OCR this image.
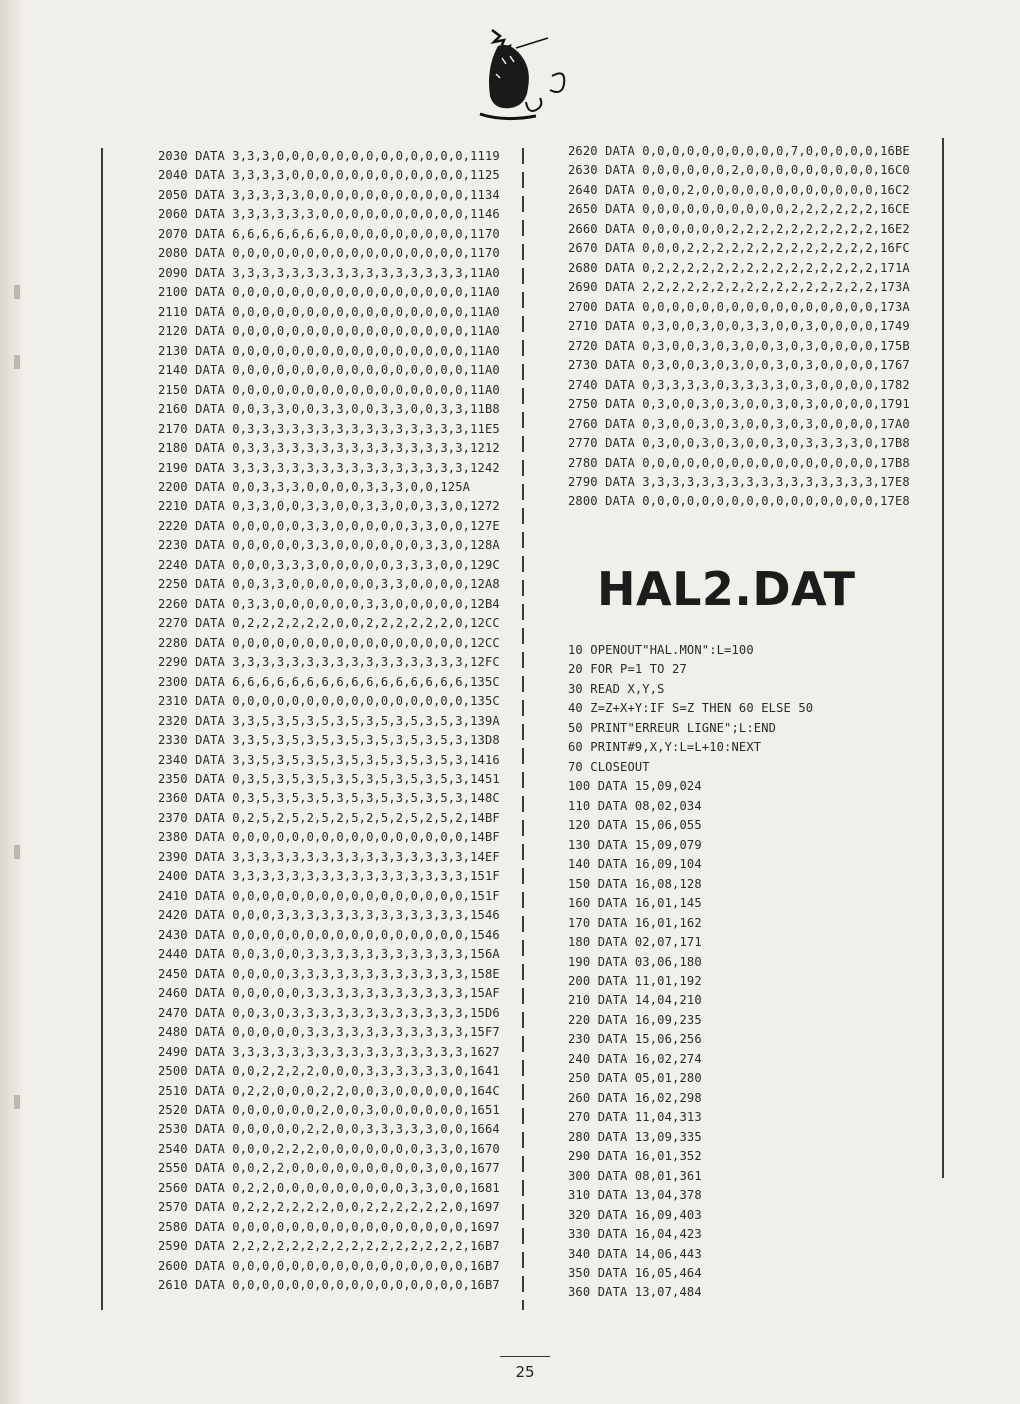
2030 DATA 3,3,3,0,0,0,0,0,0,0,0,0,0,0,0,0,1119
2040 DATA 3,3,3,3,0,0,0,0,0,0,0,0,0,0,0,0,1125
2050 DATA 3,3,3,3,3,0,0,0,0,0,0,0,0,0,0,0,1134
2060 DATA 3,3,3,3,3,3,0,0,0,0,0,0,0,0,0,0,1146
2070 DATA 6,6,6,6,6,6,6,0,0,0,0,0,0,0,0,0,1170
2080 DATA 0,0,0,0,0,0,0,0,0,0,0,0,0,0,0,0,1170
2090 DATA 3,3,3,3,3,3,3,3,3,3,3,3,3,3,3,3,11A0
2100 DATA 0,0,0,0,0,0,0,0,0,0,0,0,0,0,0,0,11A0
2110 DATA 0,0,0,0,0,0,0,0,0,0,0,0,0,0,0,0,11A0
2120 DATA 0,0,0,0,0,0,0,0,0,0,0,0,0,0,0,0,11A0
2130 DATA 0,0,0,0,0,0,0,0,0,0,0,0,0,0,0,0,11A0
2140 DATA 0,0,0,0,0,0,0,0,0,0,0,0,0,0,0,0,11A0
2150 DATA 0,0,0,0,0,0,0,0,0,0,0,0,0,0,0,0,11A0
2160 DATA 0,0,3,3,0,0,3,3,0,0,3,3,0,0,3,3,11B8
2170 DATA 0,3,3,3,3,3,3,3,3,3,3,3,3,3,3,3,11E5
2180 DATA 0,3,3,3,3,3,3,3,3,3,3,3,3,3,3,3,1212
2190 DATA 3,3,3,3,3,3,3,3,3,3,3,3,3,3,3,3,1242
2200 DATA 0,0,3,3,3,0,0,0,0,3,3,3,0,0,125A
2210 DATA 0,3,3,0,0,3,3,0,0,3,3,0,0,3,3,0,1272
2220 DATA 0,0,0,0,0,3,3,0,0,0,0,0,3,3,0,0,127E
2230 DATA 0,0,0,0,0,3,3,0,0,0,0,0,0,3,3,0,128A
2240 DATA 0,0,0,3,3,3,0,0,0,0,0,3,3,3,0,0,129C
2250 DATA 0,0,3,3,0,0,0,0,0,0,3,3,0,0,0,0,12A8
2260 DATA 0,3,3,0,0,0,0,0,0,3,3,0,0,0,0,0,12B4
2270 DATA 0,2,2,2,2,2,2,0,0,2,2,2,2,2,2,0,12CC
2280 DATA 0,0,0,0,0,0,0,0,0,0,0,0,0,0,0,0,12CC
2290 DATA 3,3,3,3,3,3,3,3,3,3,3,3,3,3,3,3,12FC
2300 DATA 6,6,6,6,6,6,6,6,6,6,6,6,6,6,6,6,135C
2310 DATA 0,0,0,0,0,0,0,0,0,0,0,0,0,0,0,0,135C
2320 DATA 3,3,5,3,5,3,5,3,5,3,5,3,5,3,5,3,139A
2330 DATA 3,3,5,3,5,3,5,3,5,3,5,3,5,3,5,3,13D8
2340 DATA 3,3,5,3,5,3,5,3,5,3,5,3,5,3,5,3,1416
2350 DATA 0,3,5,3,5,3,5,3,5,3,5,3,5,3,5,3,1451
2360 DATA 0,3,5,3,5,3,5,3,5,3,5,3,5,3,5,3,148C
2370 DATA 0,2,5,2,5,2,5,2,5,2,5,2,5,2,5,2,14BF
2380 DATA 0,0,0,0,0,0,0,0,0,0,0,0,0,0,0,0,14BF
2390 DATA 3,3,3,3,3,3,3,3,3,3,3,3,3,3,3,3,14EF
2400 DATA 3,3,3,3,3,3,3,3,3,3,3,3,3,3,3,3,151F
2410 DATA 0,0,0,0,0,0,0,0,0,0,0,0,0,0,0,0,151F
2420 DATA 0,0,0,3,3,3,3,3,3,3,3,3,3,3,3,3,1546
2430 DATA 0,0,0,0,0,0,0,0,0,0,0,0,0,0,0,0,1546
2440 DATA 0,0,3,0,0,3,3,3,3,3,3,3,3,3,3,3,156A
2450 DATA 0,0,0,0,3,3,3,3,3,3,3,3,3,3,3,3,158E
2460 DATA 0,0,0,0,0,3,3,3,3,3,3,3,3,3,3,3,15AF
2470 DATA 0,0,3,0,3,3,3,3,3,3,3,3,3,3,3,3,15D6
2480 DATA 0,0,0,0,0,3,3,3,3,3,3,3,3,3,3,3,15F7
2490 DATA 3,3,3,3,3,3,3,3,3,3,3,3,3,3,3,3,1627
2500 DATA 0,0,2,2,2,2,0,0,0,3,3,3,3,3,3,0,1641
2510 DATA 0,2,2,0,0,0,2,2,0,0,3,0,0,0,0,0,164C
2520 DATA 0,0,0,0,0,0,2,0,0,3,0,0,0,0,0,0,1651
2530 DATA 0,0,0,0,0,2,2,0,0,3,3,3,3,3,0,0,1664
2540 DATA 0,0,0,2,2,2,0,0,0,0,0,0,0,3,3,0,1670
2550 DATA 0,0,2,2,0,0,0,0,0,0,0,0,0,3,0,0,1677
2560 DATA 0,2,2,0,0,0,0,0,0,0,0,0,3,3,0,0,1681
2570 DATA 0,2,2,2,2,2,2,0,0,2,2,2,2,2,2,0,1697
2580 DATA 0,0,0,0,0,0,0,0,0,0,0,0,0,0,0,0,1697
2590 DATA 2,2,2,2,2,2,2,2,2,2,2,2,2,2,2,2,16B7
2600 DATA 0,0,0,0,0,0,0,0,0,0,0,0,0,0,0,0,16B7
2610 DATA 0,0,0,0,0,0,0,0,0,0,0,0,0,0,0,0,16B7
2620 DATA 0,0,0,0,0,0,0,0,0,0,7,0,0,0,0,0,16BE
2630 DATA 0,0,0,0,0,0,2,0,0,0,0,0,0,0,0,0,16C0
2640 DATA 0,0,0,2,0,0,0,0,0,0,0,0,0,0,0,0,16C2
2650 DATA 0,0,0,0,0,0,0,0,0,0,2,2,2,2,2,2,16CE
2660 DATA 0,0,0,0,0,0,2,2,2,2,2,2,2,2,2,2,16E2
2670 DATA 0,0,0,2,2,2,2,2,2,2,2,2,2,2,2,2,16FC
2680 DATA 0,2,2,2,2,2,2,2,2,2,2,2,2,2,2,2,171A
2690 DATA 2,2,2,2,2,2,2,2,2,2,2,2,2,2,2,2,173A
2700 DATA 0,0,0,0,0,0,0,0,0,0,0,0,0,0,0,0,173A
2710 DATA 0,3,0,0,3,0,0,3,3,0,0,3,0,0,0,0,1749
2720 DATA 0,3,0,0,3,0,3,0,0,3,0,3,0,0,0,0,175B
2730 DATA 0,3,0,0,3,0,3,0,0,3,0,3,0,0,0,0,1767
2740 DATA 0,3,3,3,3,0,3,3,3,3,0,3,0,0,0,0,1782
2750 DATA 0,3,0,0,3,0,3,0,0,3,0,3,0,0,0,0,1791
2760 DATA 0,3,0,0,3,0,3,0,0,3,0,3,0,0,0,0,17A0
2770 DATA 0,3,0,0,3,0,3,0,0,3,0,3,3,3,3,0,17B8
2780 DATA 0,0,0,0,0,0,0,0,0,0,0,0,0,0,0,0,17B8
2790 DATA 3,3,3,3,3,3,3,3,3,3,3,3,3,3,3,3,17E8
2800 DATA 0,0,0,0,0,0,0,0,0,0,0,0,0,0,0,0,17E8
HAL2.DAT
10 OPENOUT"HAL.MON":L=100
20 FOR P=1 TO 27
30 READ X,Y,S
40 Z=Z+X+Y:IF S=Z THEN 60 ELSE 50
50 PRINT"ERREUR LIGNE";L:END
60 PRINT#9,X,Y:L=L+10:NEXT
70 CLOSEOUT
100 DATA 15,09,024
110 DATA 08,02,034
120 DATA 15,06,055
130 DATA 15,09,079
140 DATA 16,09,104
150 DATA 16,08,128
160 DATA 16,01,145
170 DATA 16,01,162
180 DATA 02,07,171
190 DATA 03,06,180
200 DATA 11,01,192
210 DATA 14,04,210
220 DATA 16,09,235
230 DATA 15,06,256
240 DATA 16,02,274
250 DATA 05,01,280
260 DATA 16,02,298
270 DATA 11,04,313
280 DATA 13,09,335
290 DATA 16,01,352
300 DATA 08,01,361
310 DATA 13,04,378
320 DATA 16,09,403
330 DATA 16,04,423
340 DATA 14,06,443
350 DATA 16,05,464
360 DATA 13,07,484
25
